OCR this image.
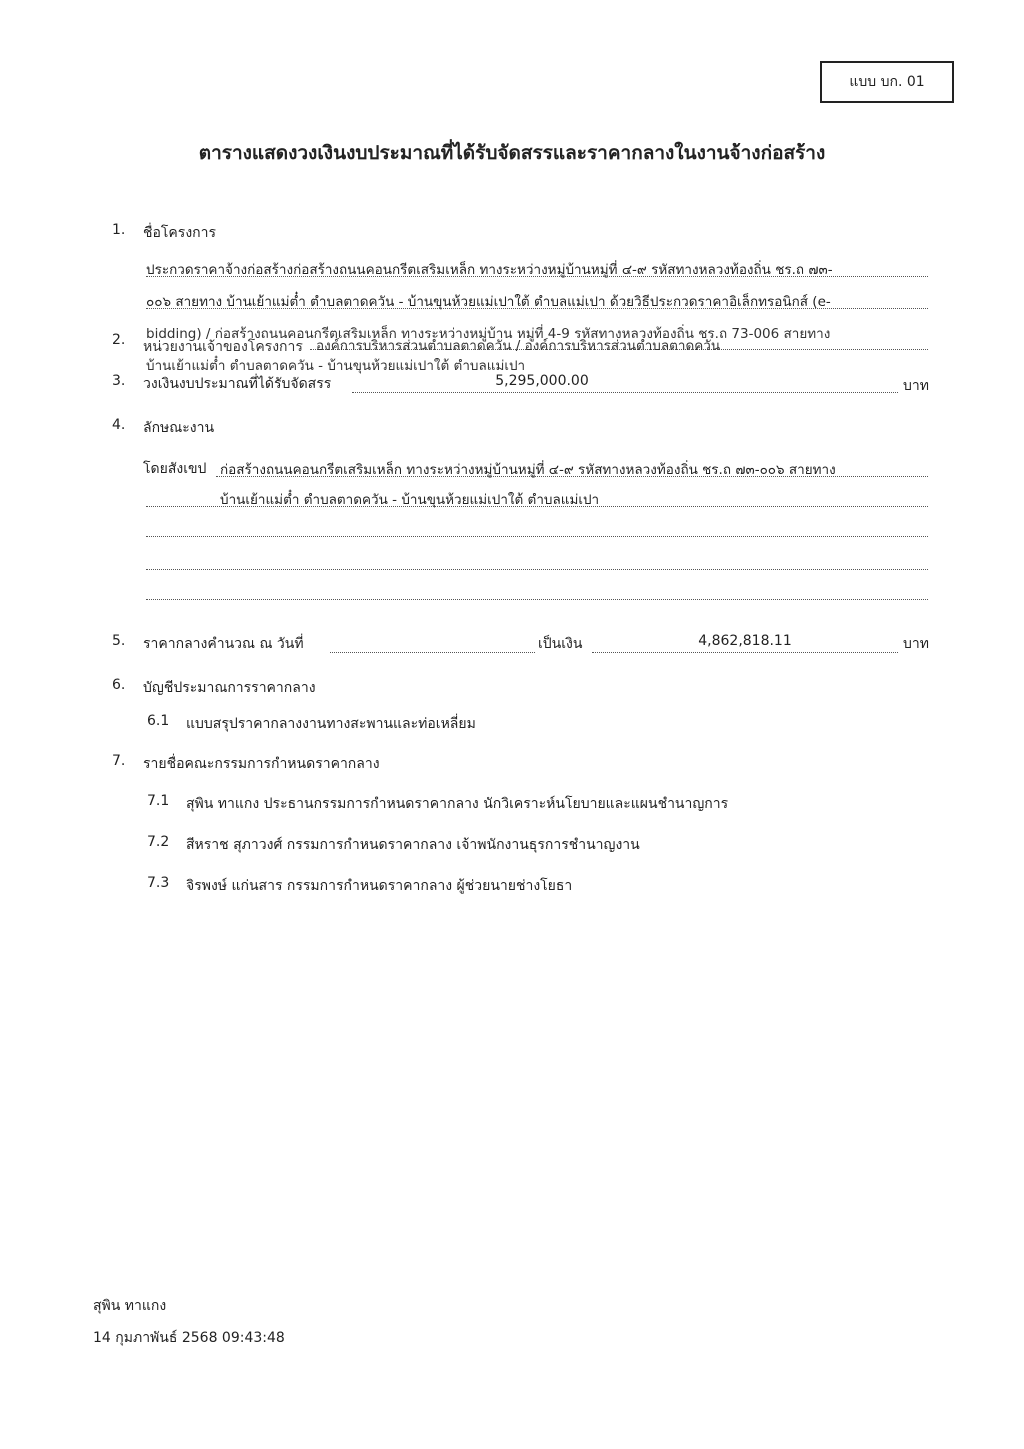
แบบ บก. 01
ตารางแสดงวงเงินงบประมาณที่ได้รับจัดสรรและราคากลางในงานจ้างก่อสร้าง
1. ชื่อโครงการ
ประกวดราคาจ้างก่อสร้างก่อสร้างถนนคอนกรีตเสริมเหล็ก ทางระหว่างหมู่บ้านหมู่ที่ ๔-๙ รหัสทางหลวงท้องถิ่น ชร.ถ ๗๓-
๐๐๖ สายทาง บ้านเย้าแม่ต๋ำ ตำบลตาดควัน - บ้านขุนห้วยแม่เปาใต้ ตำบลแม่เปา ด้วยวิธีประกวดราคาอิเล็กทรอนิกส์ (e-
bidding) / ก่อสร้างถนนคอนกรีตเสริมเหล็ก ทางระหว่างหมู่บ้าน หมู่ที่ 4-9 รหัสทางหลวงท้องถิ่น ชร.ถ 73-006 สายทาง
บ้านเย้าแม่ต๋ำ ตำบลตาดควัน - บ้านขุนห้วยแม่เปาใต้ ตำบลแม่เปา
2. หน่วยงานเจ้าของโครงการ องค์การบริหารส่วนตำบลตาดควัน / องค์การบริหารส่วนตำบลตาดควัน
3. วงเงินงบประมาณที่ได้รับจัดสรร	5,295,000.00	บาท
4. ลักษณะงาน
โดยสังเขป ก่อสร้างถนนคอนกรีตเสริมเหล็ก ทางระหว่างหมู่บ้านหมู่ที่ ๔-๙ รหัสทางหลวงท้องถิ่น ชร.ถ ๗๓-๐๐๖ สายทาง
บ้านเย้าแม่ต๋ำ ตำบลตาดควัน - บ้านขุนห้วยแม่เปาใต้ ตำบลแม่เปา
5. ราคากลางคำนวณ ณ วันที่	เป็นเงิน	4,862,818.11	บาท
6. บัญชีประมาณการราคากลาง
6.1 แบบสรุปราคากลางงานทางสะพานและท่อเหลี่ยม
7. รายชื่อคณะกรรมการกำหนดราคากลาง
7.1 สุพิน ทาแกง ประธานกรรมการกำหนดราคากลาง นักวิเคราะห์นโยบายและแผนชำนาญการ
7.2 สีหราช สุภาวงศ์ กรรมการกำหนดราคากลาง เจ้าพนักงานธุรการชำนาญงาน
7.3 จิรพงษ์ แก่นสาร กรรมการกำหนดราคากลาง ผู้ช่วยนายช่างโยธา
สุพิน ทาแกง
14 กุมภาพันธ์ 2568 09:43:48
